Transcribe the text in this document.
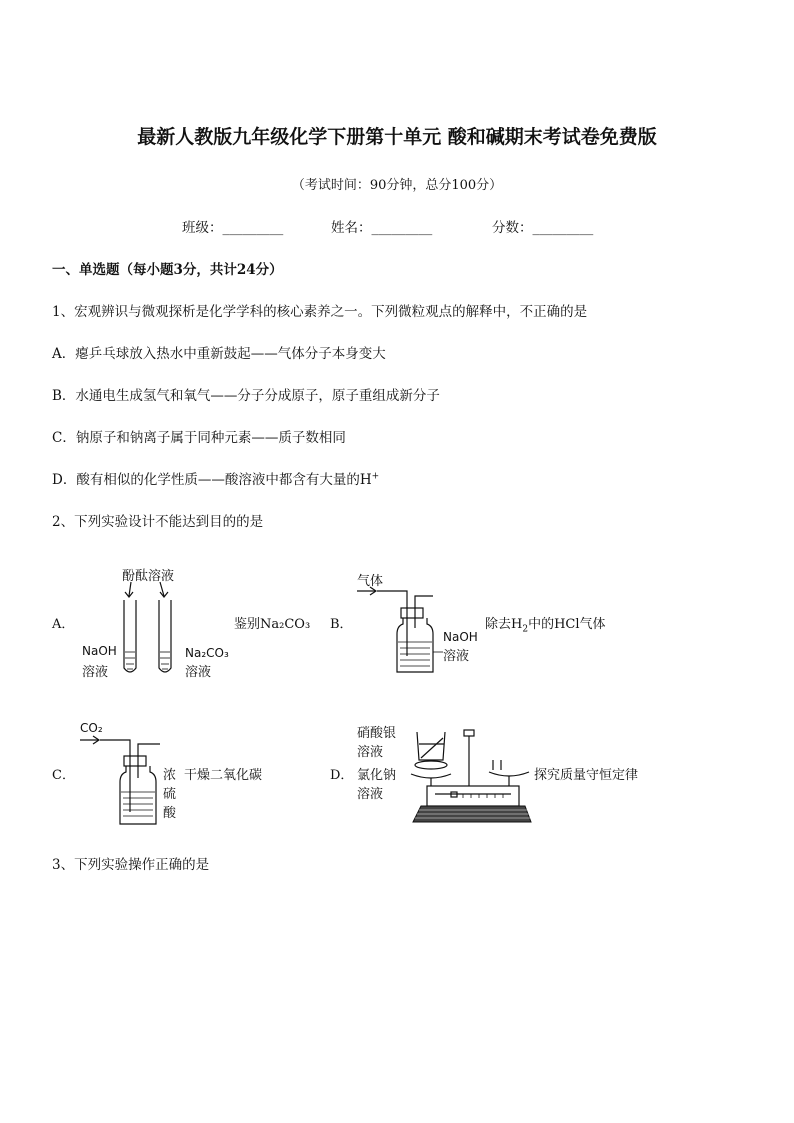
最新人教版九年级化学下册第十单元 酸和碱期末考试卷免费版
（考试时间：90分钟，总分100分）
班级：_________	姓名：_________	分数：_________
一、单选题（每小题3分，共计24分）
1、宏观辨识与微观探析是化学学科的核心素养之一。下列微粒观点的解释中，不正确的是
A．瘪乒乓球放入热水中重新鼓起——气体分子本身变大
B．水通电生成氢气和氧气——分子分成原子，原子重组成新分子
C．钠原子和钠离子属于同种元素——质子数相同
D．酸有相似的化学性质——酸溶液中都含有大量的H+
2、下列实验设计不能达到目的的是
A．
酚酞溶液
NaOH
溶液
Na₂CO₃
溶液
鉴别Na₂CO₃ B．
气体
NaOH
溶液
除去$H_2$中的HCl气体
C．
CO₂
浓
硫
酸
干燥二氧化碳	D．
硝酸银
溶液
氯化钠
溶液
探究质量守恒定律
3、下列实验操作正确的是
